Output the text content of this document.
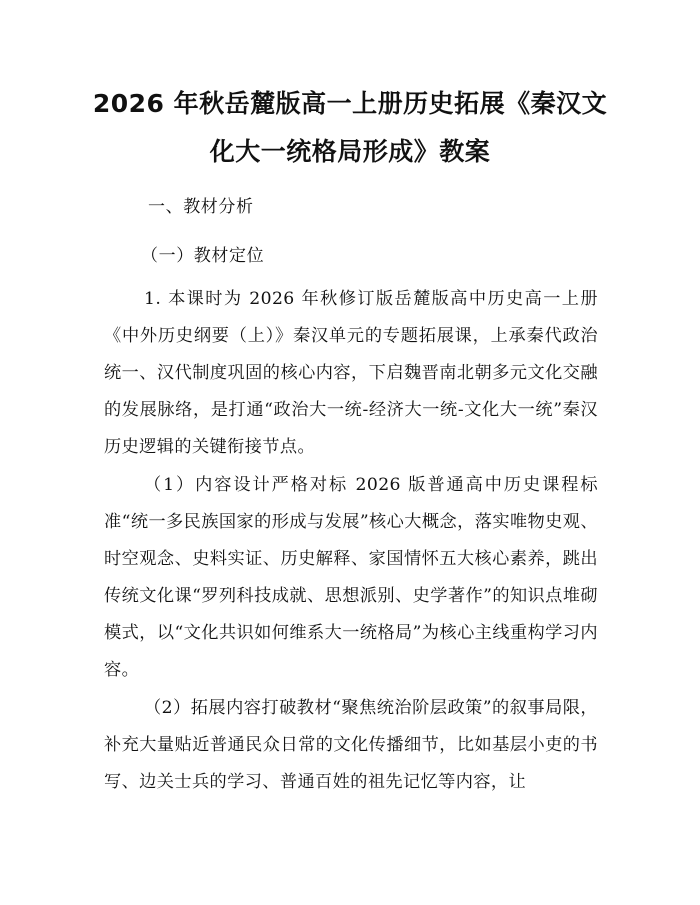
2026 年秋岳麓版高一上册历史拓展《秦汉文
化大一统格局形成》教案
一、教材分析
（一）教材定位
1. 本课时为 2026 年秋修订版岳麓版高中历史高一上册《中外历史纲要（上）》秦汉单元的专题拓展课，上承秦代政治统一、汉代制度巩固的核心内容，下启魏晋南北朝多元文化交融的发展脉络，是打通“政治大一统-经济大一统-文化大一统”秦汉历史逻辑的关键衔接节点。
（1）内容设计严格对标 2026 版普通高中历史课程标准“统一多民族国家的形成与发展”核心大概念，落实唯物史观、时空观念、史料实证、历史解释、家国情怀五大核心素养，跳出传统文化课“罗列科技成就、思想派别、史学著作”的知识点堆砌模式，以“文化共识如何维系大一统格局”为核心主线重构学习内容。
（2）拓展内容打破教材“聚焦统治阶层政策”的叙事局限，补充大量贴近普通民众日常的文化传播细节，比如基层小吏的书写、边关士兵的学习、普通百姓的祖先记忆等内容，让
